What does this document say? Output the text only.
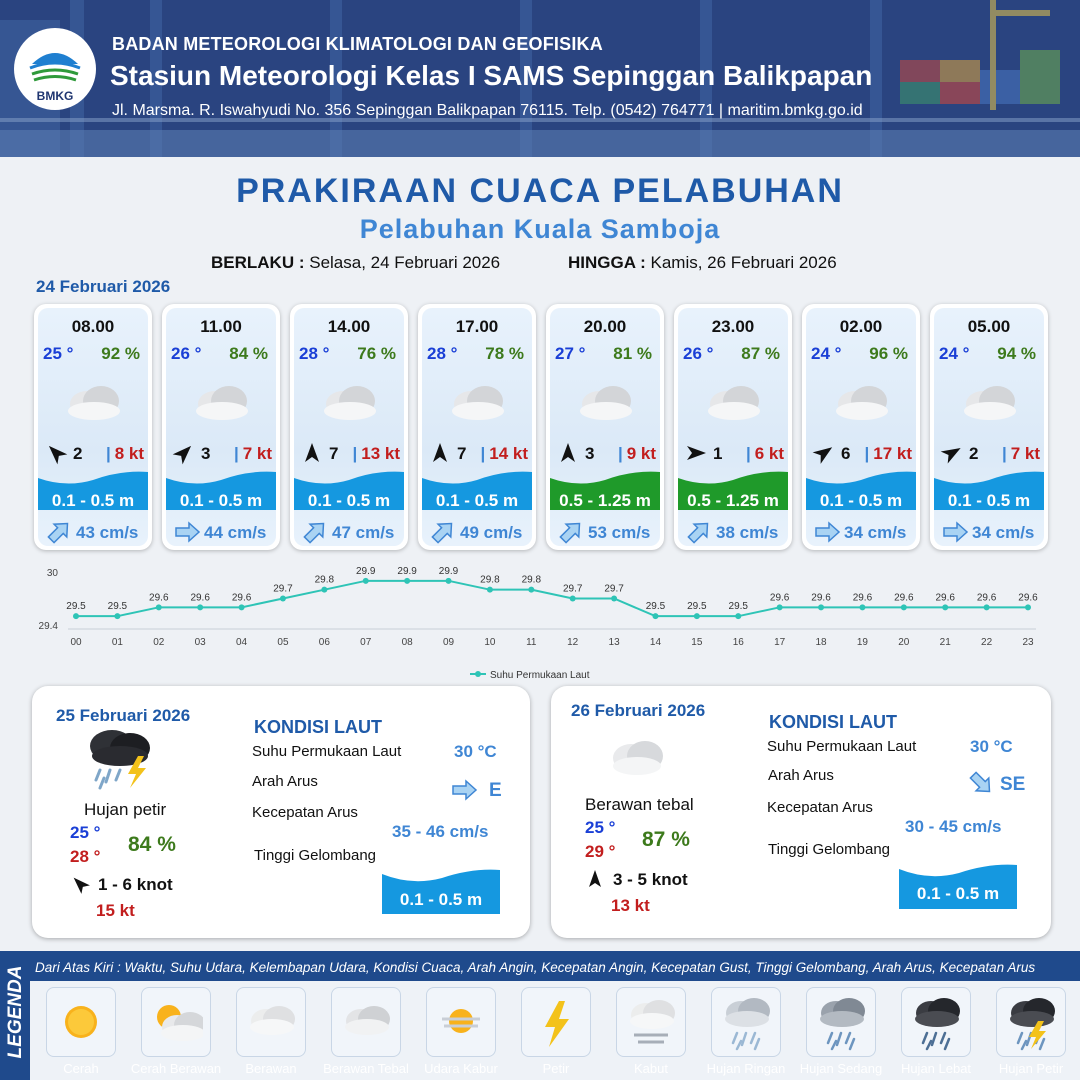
BMKG
BADAN METEOROLOGI KLIMATOLOGI DAN GEOFISIKA
Stasiun Meteorologi Kelas I SAMS Sepinggan Balikpapan
Jl. Marsma. R. Iswahyudi No. 356 Sepinggan Balikpapan 76115. Telp. (0542) 764771 | maritim.bmkg.go.id
PRAKIRAAN CUACA PELABUHAN
Pelabuhan Kuala Samboja
BERLAKU : Selasa, 24 Februari 2026	HINGGA : Kamis, 26 Februari 2026
24 Februari 2026
08.00
25 ° 92 %
2 | 8 kt
0.1 - 0.5 m
43 cm/s
11.00
26 ° 84 %
3 | 7 kt
0.1 - 0.5 m
44 cm/s
14.00
28 ° 76 %
7 | 13 kt
0.1 - 0.5 m
47 cm/s
17.00
28 ° 78 %
7 | 14 kt
0.1 - 0.5 m
49 cm/s
20.00
27 ° 81 %
3 | 9 kt
0.5 - 1.25 m
53 cm/s
23.00
26 ° 87 %
1 | 6 kt
0.5 - 1.25 m
38 cm/s
02.00
24 ° 96 %
6 | 17 kt
0.1 - 0.5 m
34 cm/s
05.00
24 ° 94 %
2 | 7 kt
0.1 - 0.5 m
34 cm/s
30
29.4
29.5
00
29.5
01
29.6
02
29.6
03
29.6
04
29.7
05
29.8
06
29.9
07
29.9
08
29.9
09
29.8
10
29.8
11
29.7
12
29.7
13
29.5
14
29.5
15
29.5
16
29.6
17
29.6
18
29.6
19
29.6
20
29.6
21
29.6
22
29.6
23
Suhu Permukaan Laut
25 Februari 2026
Hujan petir
25 °
28 °
84 %
1 - 6 knot
15 kt
KONDISI LAUT
Suhu Permukaan Laut	30 °C
Arah Arus	E
Kecepatan Arus
35 - 46 cm/s
Tinggi Gelombang
0.1 - 0.5 m
26 Februari 2026
Berawan tebal
25 °
29 °
87 %
3 - 5 knot
13 kt
KONDISI LAUT
Suhu Permukaan Laut	30 °C
Arah Arus	SE
Kecepatan Arus
30 - 45 cm/s
Tinggi Gelombang
0.1 - 0.5 m
LEGENDA Dari Atas Kiri : Waktu, Suhu Udara, Kelembapan Udara, Kondisi Cuaca, Arah Angin, Kecepatan Angin, Kecepatan Gust, Tinggi Gelombang, Arah Arus, Kecepatan Arus
Cerah	Cerah Berawan	Berawan	Berawan Tebal	Udara Kabur	Petir	Kabut	Hujan Ringan	Hujan Sedang	Hujan Lebat	Hujan Petir
